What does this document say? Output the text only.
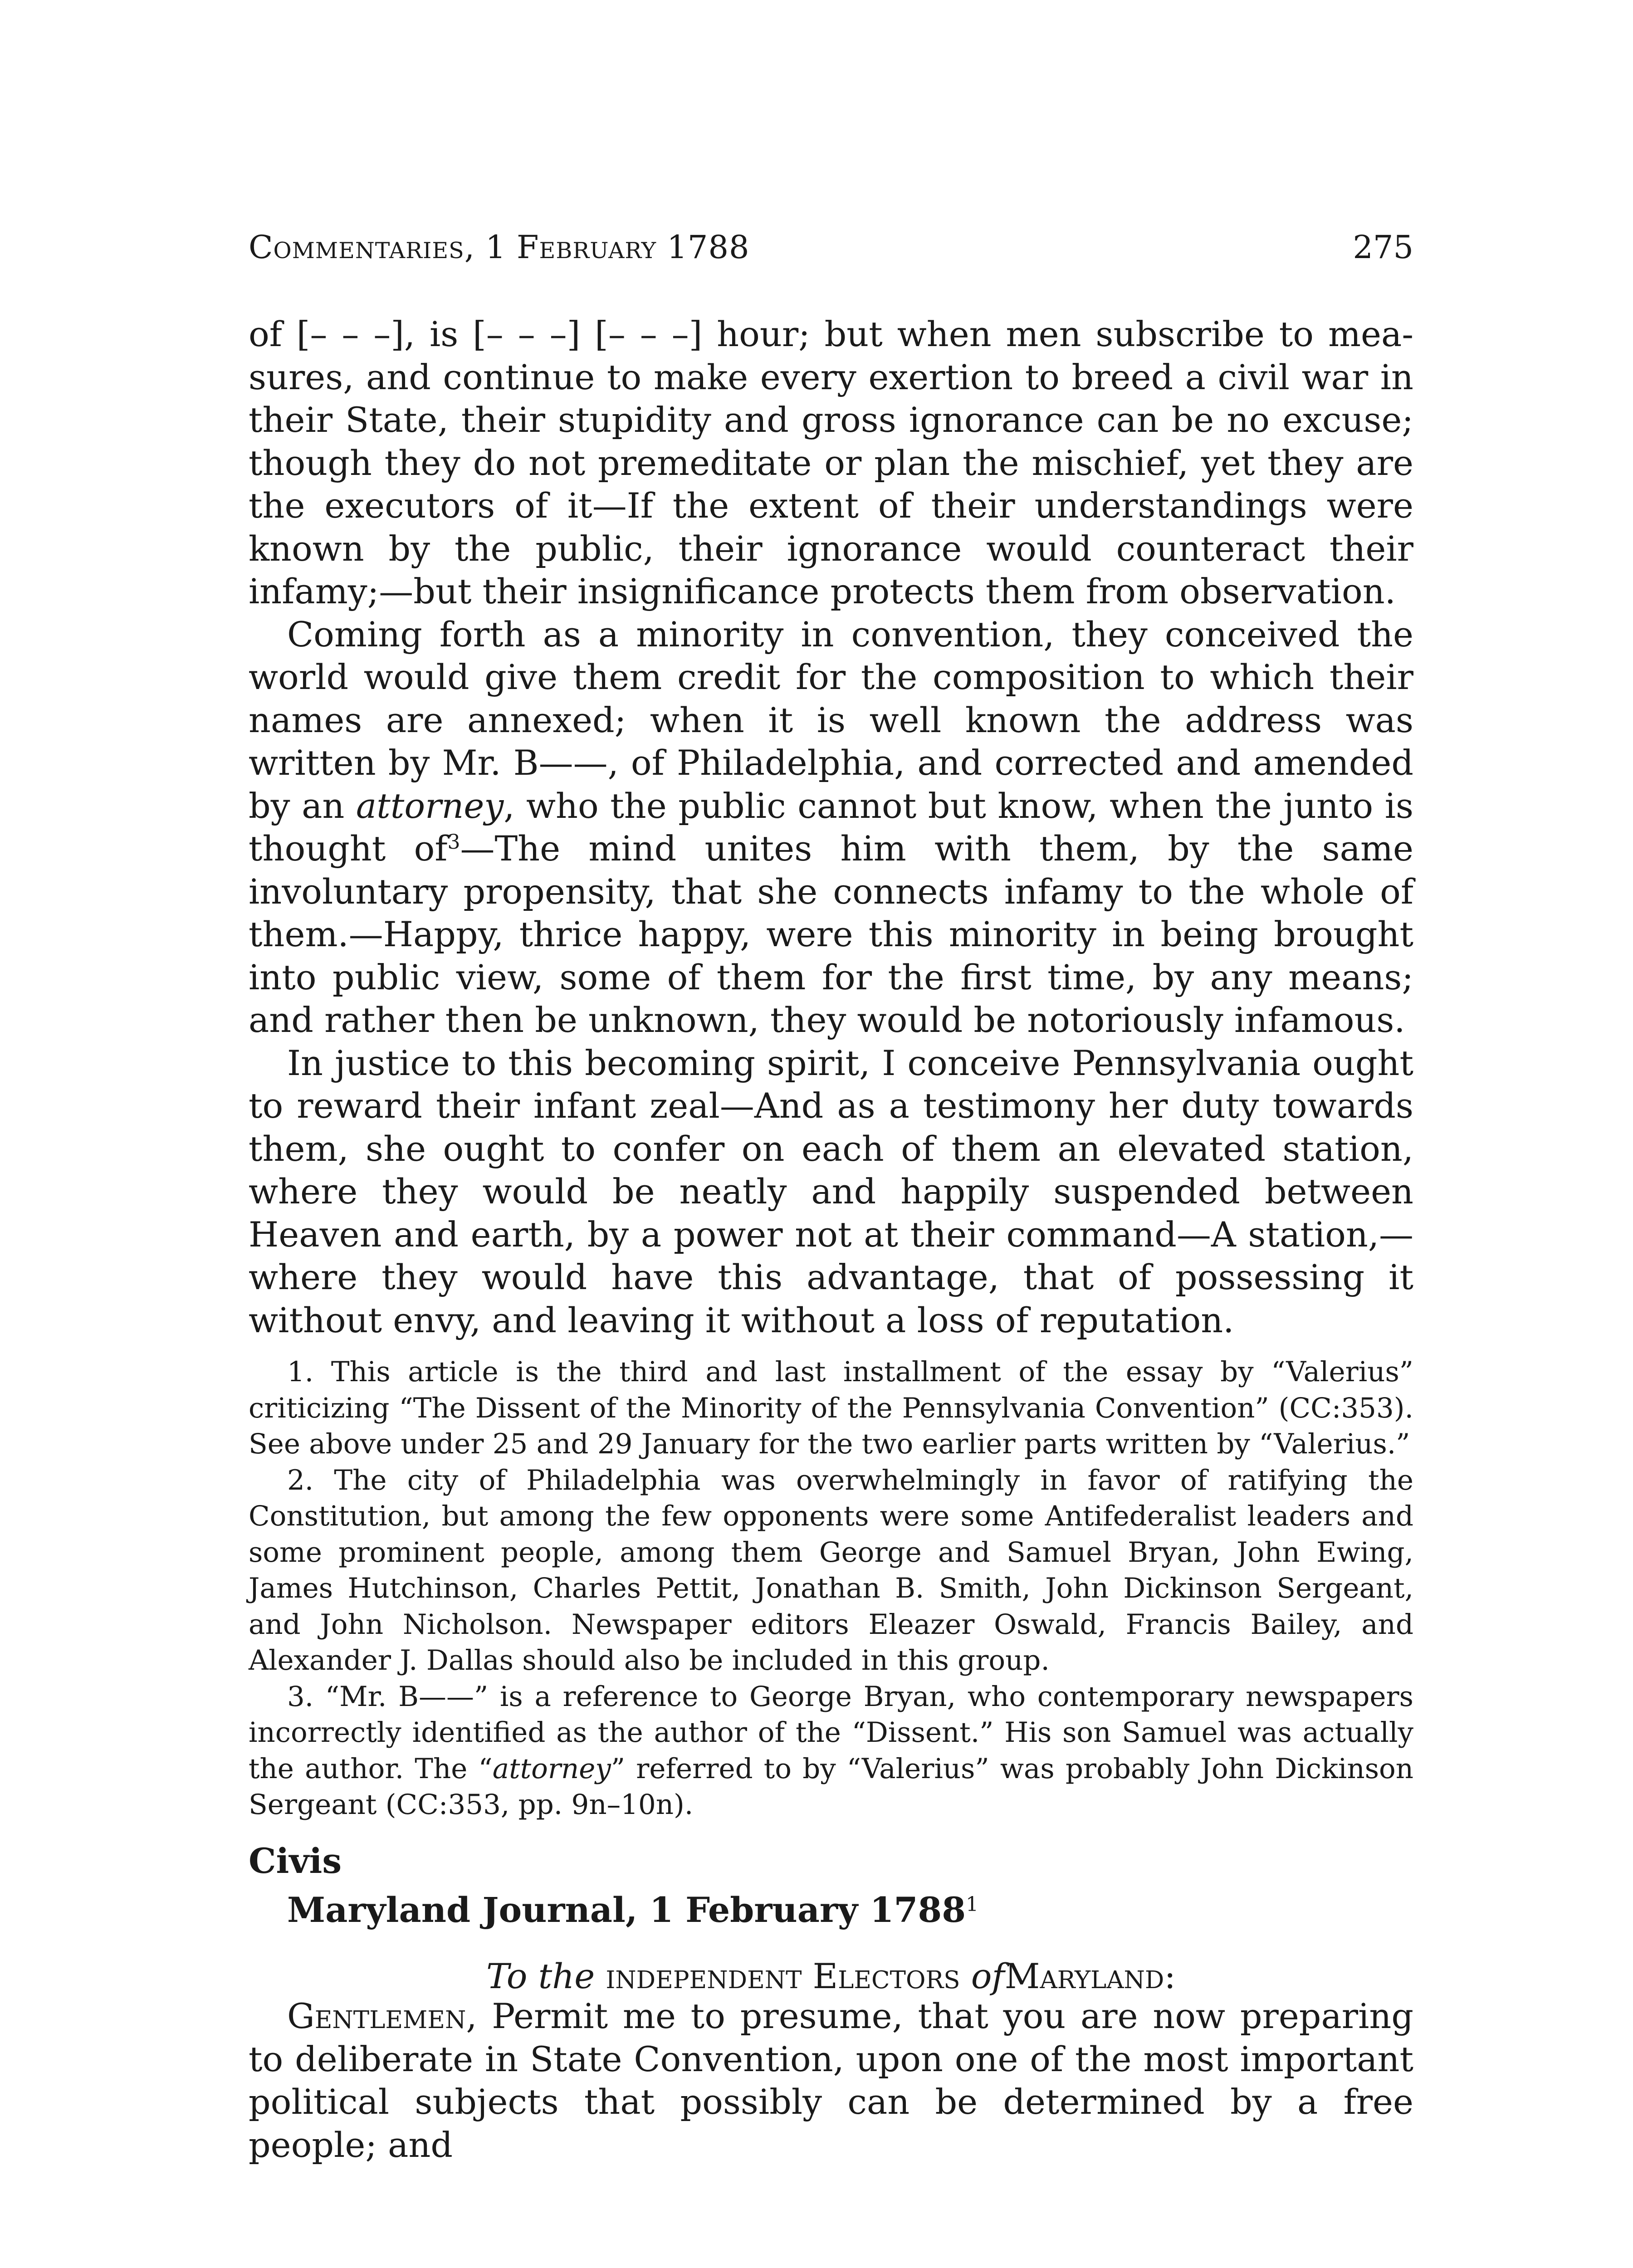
Commentaries, 1 February 1788	275

of [– – –], is [– – –] [– – –] hour; but when men subscribe to measures, and continue to make every exertion to breed a civil war in their State, their stupidity and gross ignorance can be no excuse; though they do not premeditate or plan the mischief, yet they are the executors of it—If the extent of their understandings were known by the public, their ignorance would counteract their infamy;—but their insignificance protects them from observation.

Coming forth as a minority in convention, they conceived the world would give them credit for the composition to which their names are annexed; when it is well known the address was written by Mr. B——, of Philadelphia, and corrected and amended by an attorney, who the public cannot but know, when the junto is thought of$^3$—The mind unites him with them, by the same involuntary propensity, that she connects infamy to the whole of them.—Happy, thrice happy, were this minority in being brought into public view, some of them for the first time, by any means; and rather then be unknown, they would be notoriously infamous.

In justice to this becoming spirit, I conceive Pennsylvania ought to reward their infant zeal—And as a testimony her duty towards them, she ought to confer on each of them an elevated station, where they would be neatly and happily suspended between Heaven and earth, by a power not at their command—A station,—where they would have this advantage, that of possessing it without envy, and leaving it without a loss of reputation.

1. This article is the third and last installment of the essay by “Valerius” criticizing “The Dissent of the Minority of the Pennsylvania Convention” (CC:353). See above under 25 and 29 January for the two earlier parts written by “Valerius.”

2. The city of Philadelphia was overwhelmingly in favor of ratifying the Constitution, but among the few opponents were some Antifederalist leaders and some prominent people, among them George and Samuel Bryan, John Ewing, James Hutchinson, Charles Pettit, Jonathan B. Smith, John Dickinson Sergeant, and John Nicholson. Newspaper editors Eleazer Oswald, Francis Bailey, and Alexander J. Dallas should also be included in this group.

3. “Mr. B——” is a reference to George Bryan, who contemporary newspapers incorrectly identified as the author of the “Dissent.” His son Samuel was actually the author. The “attorney” referred to by “Valerius” was probably John Dickinson Sergeant (CC:353, pp. 9n–10n).

Civis

Maryland Journal, 1 February 1788$^1$

To the independent Electors ofMaryland:

Gentlemen, Permit me to presume, that you are now preparing to deliberate in State Convention, upon one of the most important political subjects that possibly can be determined by a free people; and
